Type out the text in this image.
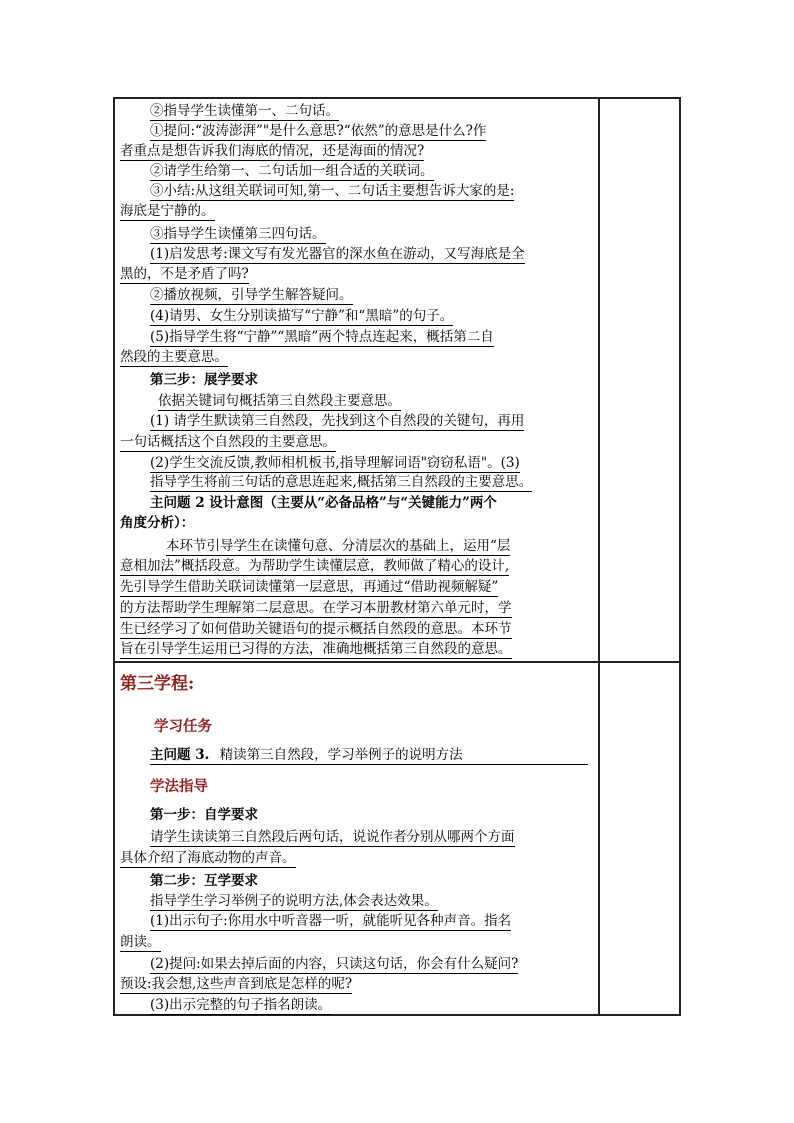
②指导学生读懂第一、二句话。
①提问:“波涛澎湃”"是什么意思?“依然”的意思是什么?作
者重点是想告诉我们海底的情况，还是海面的情况?
②请学生给第一、二句话加一组合适的关联词。
③小结:从这组关联词可知,第一、二句话主要想告诉大家的是:
海底是宁静的。
③指导学生读懂第三四句话。
(1)启发思考:课文写有发光器官的深水鱼在游动，又写海底是全
黑的，不是矛盾了吗?
②播放视频，引导学生解答疑问。
(4)请男、女生分别读描写“宁静”和“黑暗”的句子。
(5)指导学生将“宁静”“黑暗”两个特点连起来，概括第二自
然段的主要意思。
第三步：展学要求
依据关键词句概括第三自然段主要意思。
(1) 请学生默读第三自然段，先找到这个自然段的关键句，再用
一句话概括这个自然段的主要意思。
(2)学生交流反馈,教师相机板书,指导理解词语"窃窃私语"。(3)
指导学生将前三句话的意思连起来,概括第三自然段的主要意思。
主问题 2 设计意图（主要从“必备品格”与“关键能力”两个
角度分析）：
本环节引导学生在读懂句意、分清层次的基础上，运用“层
意相加法”概括段意。为帮助学生读懂层意，教师做了精心的设计,
先引导学生借助关联词读懂第一层意思，再通过“借助视频解疑”
的方法帮助学生理解第二层意思。在学习本册教材第六单元时，学
生已经学习了如何借助关键语句的提示概括自然段的意思。本环节
旨在引导学生运用已习得的方法，准确地概括第三自然段的意思。
第三学程:
学习任务
主问题 3. 精读第三自然段，学习举例子的说明方法
学法指导
第一步：自学要求
请学生读读第三自然段后两句话，说说作者分别从哪两个方面
具体介绍了海底动物的声音。
第二步：互学要求
指导学生学习举例子的说明方法,体会表达效果。
(1)出示句子:你用水中听音器一听，就能听见各种声音。指名
朗读。
(2)提问:如果去掉后面的内容，只读这句话，你会有什么疑问?
预设:我会想,这些声音到底是怎样的呢?
(3)出示完整的句子指名朗读。
